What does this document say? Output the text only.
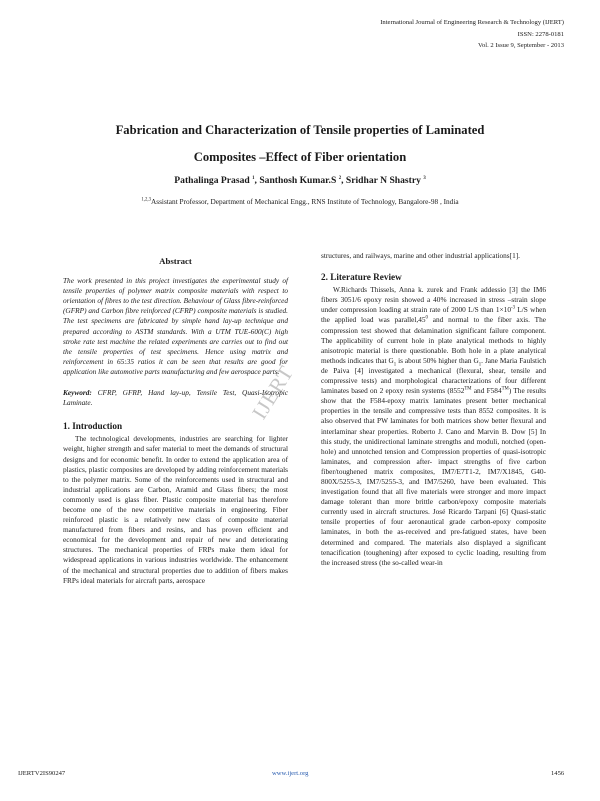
International Journal of Engineering Research & Technology (IJERT)
ISSN: 2278-0181
Vol. 2 Issue 9, September - 2013
Fabrication and Characterization of Tensile properties of Laminated
Composites –Effect of Fiber orientation
Pathalinga Prasad $^1$, Santhosh Kumar.S $^2$, Sridhar N Shastry $^3$
$^{1,2,3}$Assistant Professor, Department of Mechanical Engg., RNS Institute of Technology, Bangalore-98 , India
IJERT
Abstract

The work presented in this project investigates the experimental study of tensile properties of polymer matrix composite materials with respect to orientation of fibres to the test direction. Behaviour of Glass fibre-reinforced (GFRP) and Carbon fibre reinforced (CFRP) composite materials is studied. The test specimens are fabricated by simple hand lay-up technique and prepared according to ASTM standards. With a UTM TUE-600(C) high stroke rate test machine the related experiments are carries out to find out the tensile properties of test specimens. Hence using matrix and reinforcement in 65:35 ratios it can be seen that results are good for application like automotive parts manufacturing and few aerospace parts.

Keyword: CFRP, GFRP, Hand lay-up, Tensile Test, Quasi-Isotropic Laminate.

1. Introduction

The technological developments, industries are searching for lighter weight, higher strength and safer material to meet the demands of structural designs and for economic benefit. In order to extend the application area of plastics, plastic composites are developed by adding reinforcement materials to the polymer matrix. Some of the reinforcements used in structural and industrial applications are Carbon, Aramid and Glass fibers; the most commonly used is glass fiber. Plastic composite material has therefore become one of the new competitive materials in engineering. Fiber reinforced plastic is a relatively new class of composite material manufactured from fibers and resins, and has proven efficient and economical for the development and repair of new and deteriorating structures. The mechanical properties of FRPs make them ideal for widespread applications in various industries worldwide. The enhancement of the mechanical and structural properties due to addition of fibers makes FRPs ideal materials for aircraft parts, aerospace

structures, and railways, marine and other industrial applications[1].

2. Literature Review

W.Richards Thissels, Anna k. zurek and Frank addessio [3] the IM6 fibers 3051/6 epoxy resin showed a 40% increased in stress –strain slope under compression loading at strain rate of 2000 L/S than $1\times 10^{-3}$ L/S when the applied load was $parallel,45^0$ and normal to the fiber axis. The compression test showed that delamination significant failure component. The applicability of current hole in plate analytical methods to highly anisotropic material is there questionable. Both hole in a plate analytical methods indicates that $G_1$ is about 50% higher than $G_1$. Jane Maria Faulstich de Paiva [4] investigated a mechanical (flexural, shear, tensile and compressive tests) and morphological characterizations of four different laminates based on 2 epoxy resin systems (8552™ and F584™) The results show that the F584-epoxy matrix laminates present better mechanical properties in the tensile and compressive tests than 8552 composites. It is also observed that PW laminates for both matrices show better flexural and interlaminar shear properties. Roberto J. Cano and Marvin B. Dow [5] In this study, the unidirectional laminate strengths and moduli, notched (open-hole) and unnotched tension and Compression properties of quasi-isotropic laminates, and compression after- impact strengths of five carbon fiber/toughened matrix composites, IM7/E7T1-2, IM7/X1845, G40-800X/5255-3, IM7/5255-3, and IM7/5260, have been evaluated. This investigation found that all five materials were stronger and more impact damage tolerant than more brittle carbon/epoxy composite materials currently used in aircraft structures. José Ricardo Tarpani [6] Quasi-static tensile properties of four aeronautical grade carbon-epoxy composite laminates, in both the as-received and pre-fatigued states, have been determined and compared. The materials also displayed a significant tenacification (toughening) after exposed to cyclic loading, resulting from the increased stress (the so-called wear-in

IJERTV2IS90247	www.ijert.org	1456
